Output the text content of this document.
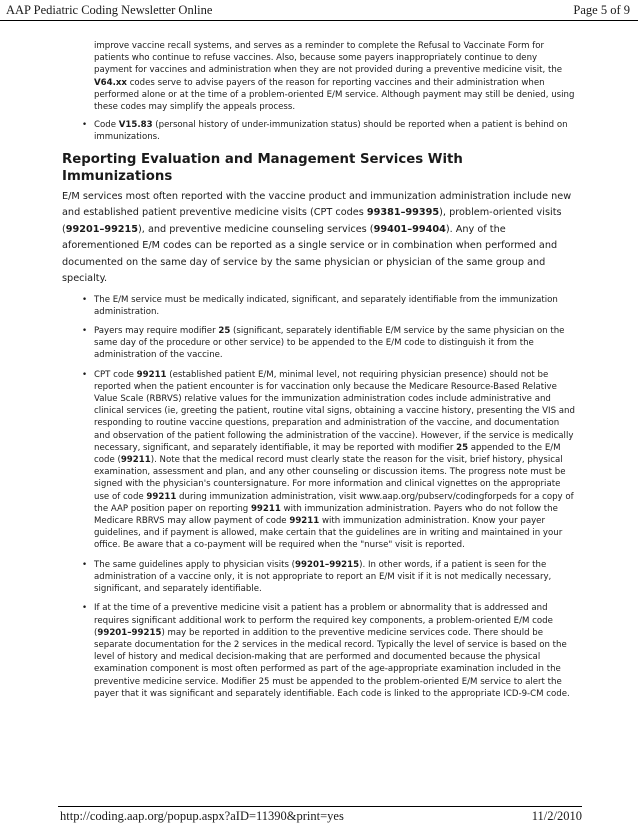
AAP Pediatric Coding Newsletter Online	Page 5 of 9

improve vaccine recall systems, and serves as a reminder to complete the Refusal to Vaccinate Form for patients who continue to refuse vaccines. Also, because some payers inappropriately continue to deny payment for vaccines and administration when they are not provided during a preventive medicine visit, the V64.xx codes serve to advise payers of the reason for reporting vaccines and their administration when performed alone or at the time of a problem-oriented E/M service. Although payment may still be denied, using these codes may simplify the appeals process.

• Code V15.83 (personal history of under-immunization status) should be reported when a patient is behind on immunizations.
Reporting Evaluation and Management Services With Immunizations

E/M services most often reported with the vaccine product and immunization administration include new and established patient preventive medicine visits (CPT codes 99381–99395), problem-oriented visits (99201–99215), and preventive medicine counseling services (99401–99404). Any of the aforementioned E/M codes can be reported as a single service or in combination when performed and documented on the same day of service by the same physician or physician of the same group and specialty.

• The E/M service must be medically indicated, significant, and separately identifiable from the immunization administration.
• Payers may require modifier 25 (significant, separately identifiable E/M service by the same physician on the same day of the procedure or other service) to be appended to the E/M code to distinguish it from the administration of the vaccine.
• CPT code 99211 (established patient E/M, minimal level, not requiring physician presence) should not be reported when the patient encounter is for vaccination only because the Medicare Resource-Based Relative Value Scale (RBRVS) relative values for the immunization administration codes include administrative and clinical services (ie, greeting the patient, routine vital signs, obtaining a vaccine history, presenting the VIS and responding to routine vaccine questions, preparation and administration of the vaccine, and documentation and observation of the patient following the administration of the vaccine). However, if the service is medically necessary, significant, and separately identifiable, it may be reported with modifier 25 appended to the E/M code (99211). Note that the medical record must clearly state the reason for the visit, brief history, physical examination, assessment and plan, and any other counseling or discussion items. The progress note must be signed with the physician's countersignature. For more information and clinical vignettes on the appropriate use of code 99211 during immunization administration, visit www.aap.org/pubserv/codingforpeds for a copy of the AAP position paper on reporting 99211 with immunization administration. Payers who do not follow the Medicare RBRVS may allow payment of code 99211 with immunization administration. Know your payer guidelines, and if payment is allowed, make certain that the guidelines are in writing and maintained in your office. Be aware that a co-payment will be required when the "nurse" visit is reported.
• The same guidelines apply to physician visits (99201–99215). In other words, if a patient is seen for the administration of a vaccine only, it is not appropriate to report an E/M visit if it is not medically necessary, significant, and separately identifiable.
• If at the time of a preventive medicine visit a patient has a problem or abnormality that is addressed and requires significant additional work to perform the required key components, a problem-oriented E/M code (99201–99215) may be reported in addition to the preventive medicine services code. There should be separate documentation for the 2 services in the medical record. Typically the level of service is based on the level of history and medical decision-making that are performed and documented because the physical examination component is most often performed as part of the age-appropriate examination included in the preventive medicine service. Modifier 25 must be appended to the problem-oriented E/M service to alert the payer that it was significant and separately identifiable. Each code is linked to the appropriate ICD-9-CM code.
http://coding.aap.org/popup.aspx?aID=11390&print=yes	11/2/2010
